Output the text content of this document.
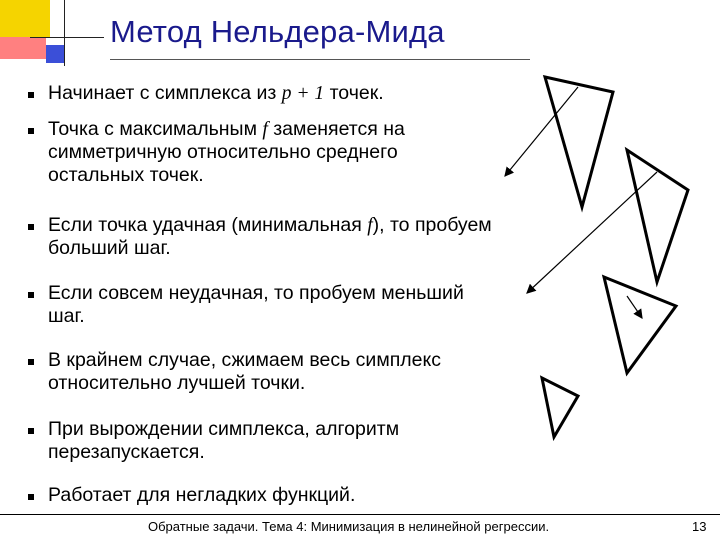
Метод Нельдера-Мида
Начинает с симплекса из p + 1 точек.
Точка с максимальным f заменяется на симметричную относительно среднего остальных точек.
Если точка удачная (минимальная f), то пробуем больший шаг.
Если совсем неудачная, то пробуем меньший шаг.
В крайнем случае, сжимаем весь симплекс относительно лучшей точки.
При вырождении симплекса, алгоритм перезапускается.
Работает для негладких функций.
Обратные задачи. Тема 4: Минимизация в нелинейной регрессии.	13
